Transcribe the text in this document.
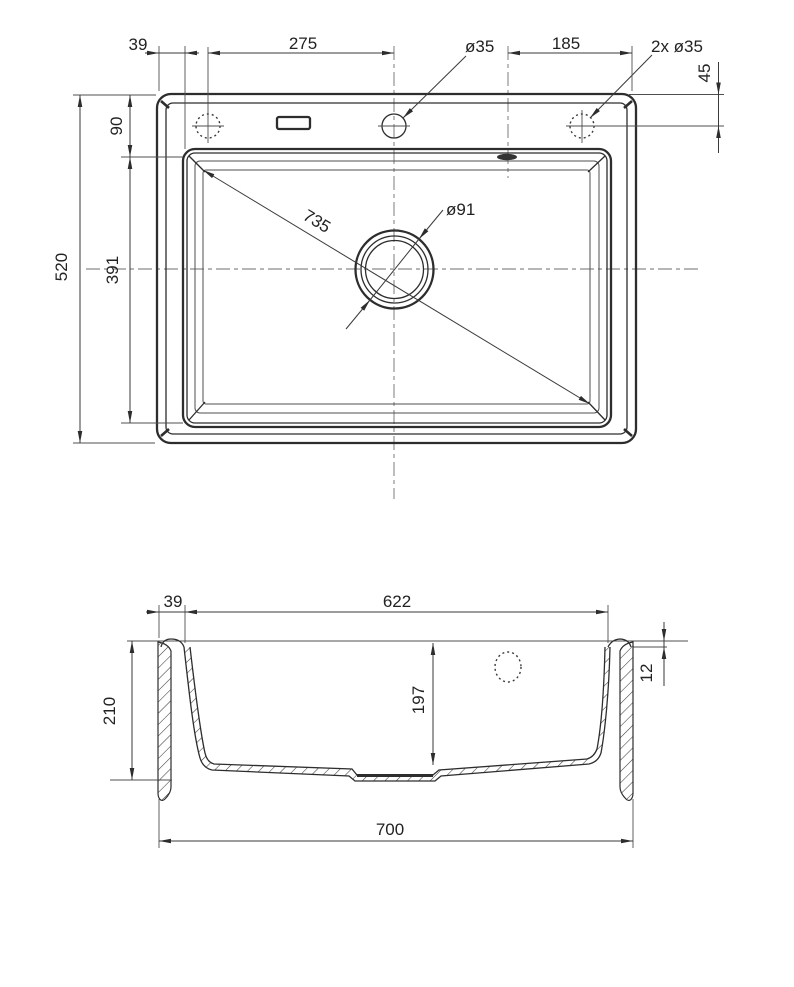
735	ø91
ø35	2x ø35
39	275	185
45
90
391
520
39	622
210	197
12
700
